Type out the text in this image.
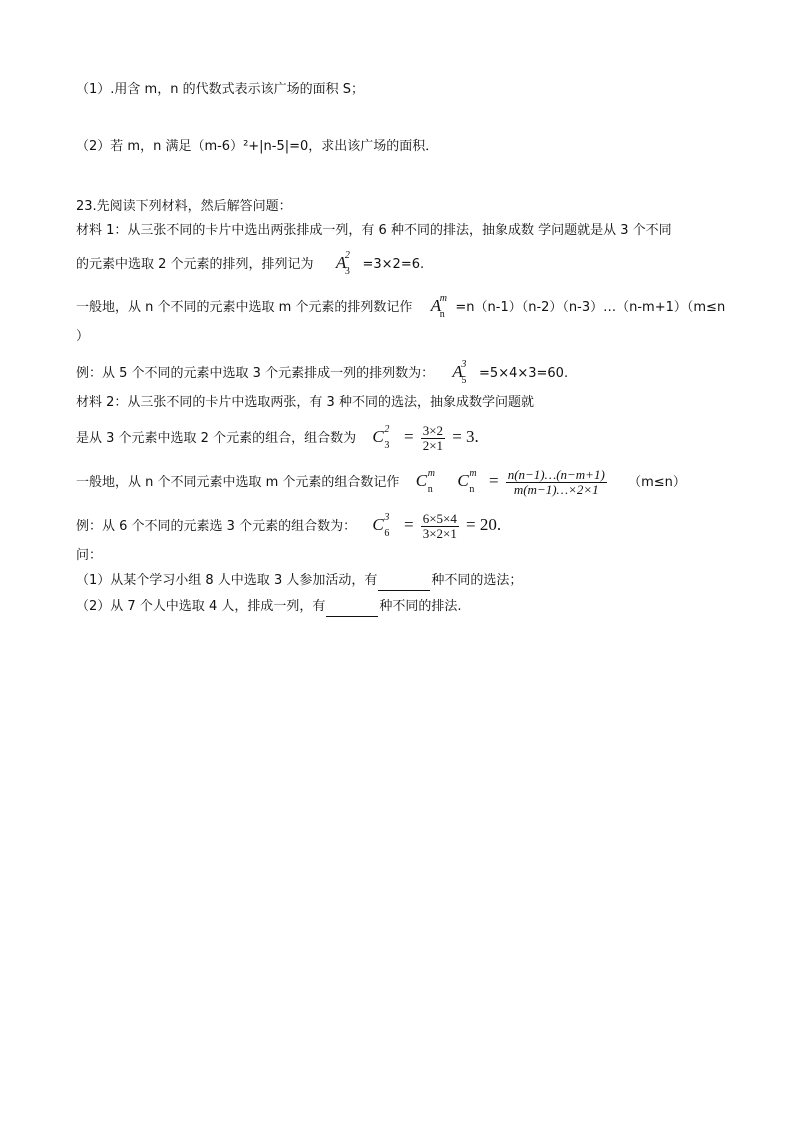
（1）.用含 m，n 的代数式表示该广场的面积 S；
（2）若 m，n 满足（m-6）²+|n-5|=0，求出该广场的面积．
23.先阅读下列材料，然后解答问题：
材料 1：从三张不同的卡片中选出两张排成一列，有 6 种不同的排法，抽象成数 学问题就是从 3 个不同
的元素中选取 2 个元素的排列，排列记为 A
2
3 =3×2=6.
一般地，从 n 个不同的元素中选取 m 个元素的排列数记作 A
m
n =n（n-1）（n-2）（n-3）…（n-m+1）（m≤n
）
例：从 5 个不同的元素中选取 3 个元素排成一列的排列数为： A
3
5 =5×4×3=60.
材料 2：从三张不同的卡片中选取两张，有 3 种不同的选法，抽象成数学问题就
是从 3 个元素中选取 2 个元素的组合，组合数为 C 2
$3 = \frac{3\times 2}{2\times 1} = 3$.
一般地，从 n 个不同元素中选取 m 个元素的组合数记作 C m
n C m
$n = \frac{n(n-1)\dots(n-m+1)}{m(m-1)\dots\times 2\times 1} (m\le n)$
例：从 6 个不同的元素选 3 个元素的组合数为： C 3
$6 = \frac{6\times 5\times 4}{3\times 2\times 1} = 20$.
问：
（1）从某个学习小组 8 人中选取 3 人参加活动，有	种不同的选法；
（2）从 7 个人中选取 4 人，排成一列，有	种不同的排法.
